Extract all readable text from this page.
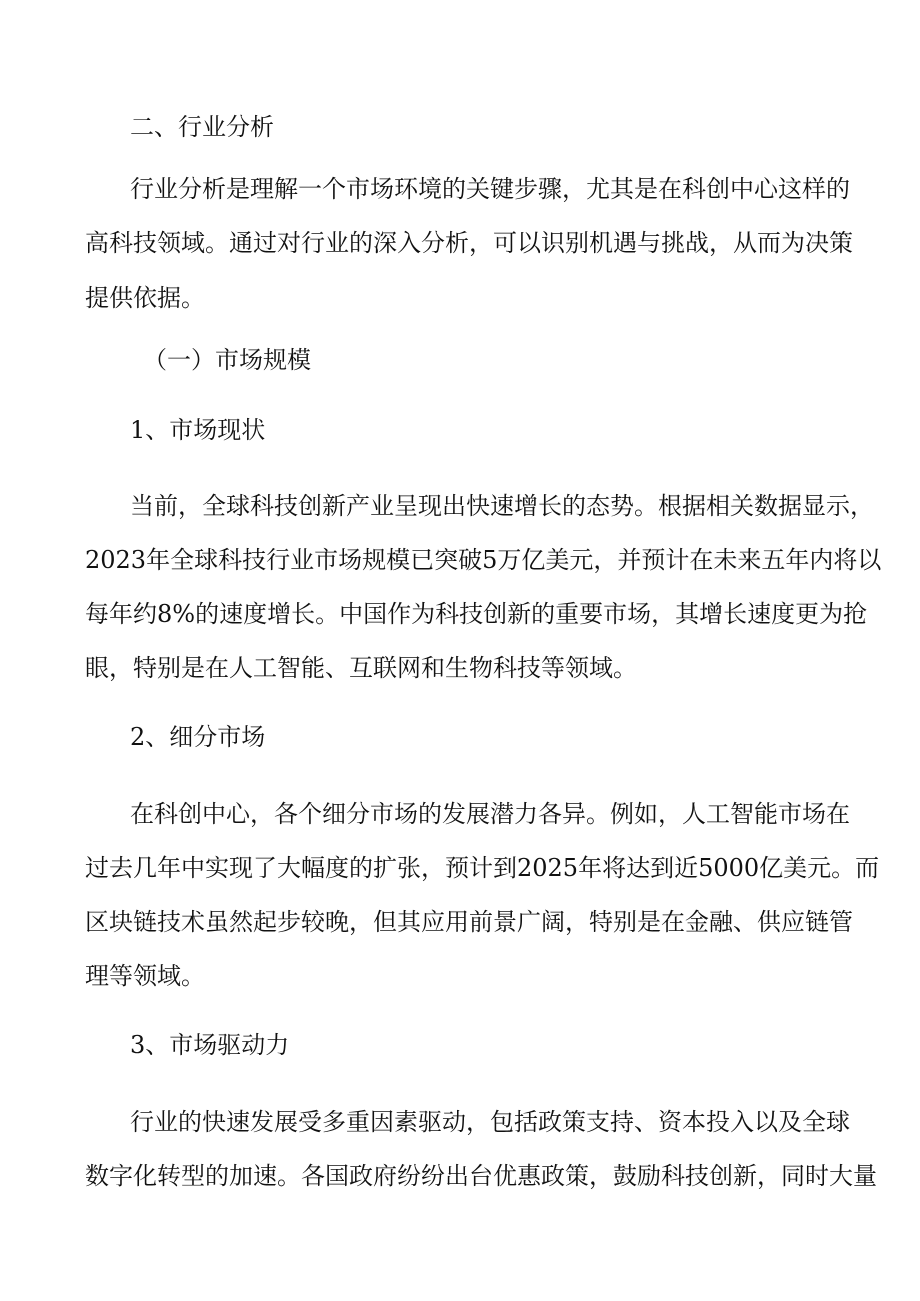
二、行业分析
行 业 分 析 是 理 解 一 个 市 场 环 境 的 关 键 步 骤 ， 尤 其 是 在 科 创 中 心 这 样 的
高 科 技 领 域 。 通 过 对 行 业 的 深 入 分 析 ， 可 以 识 别 机 遇 与 挑 战 ， 从 而 为 决 策
提供依据。
（一）市场规模
1、市场现状
当 前 ， 全 球 科 技 创 新 产 业 呈 现 出 快 速 增 长 的 态 势 。 根 据 相 关 数 据 显 示 ，
2023 年 全 球 科 技 行 业 市 场 规 模 已 突 破 5 万 亿 美 元 ， 并 预 计 在 未 来 五 年 内 将 以
每 年 约 8% 的 速 度 增 长 。 中 国 作 为 科 技 创 新 的 重 要 市 场 ， 其 增 长 速 度 更 为 抢
眼，特别是在人工智能、互联网和生物科技等领域。
2、细分市场
在 科 创 中 心 ， 各 个 细 分 市 场 的 发 展 潜 力 各 异 。 例 如 ， 人 工 智 能 市 场 在
过 去 几 年 中 实 现 了 大 幅 度 的 扩 张 ， 预 计 到 2025 年 将 达 到 近 5000 亿 美 元 。 而
区 块 链 技 术 虽 然 起 步 较 晚 ， 但 其 应 用 前 景 广 阔 ， 特 别 是 在 金 融 、 供 应 链 管
理等领域。
3、市场驱动力
行 业 的 快 速 发 展 受 多 重 因 素 驱 动 ， 包 括 政 策 支 持 、 资 本 投 入 以 及 全 球
数 字 化 转 型 的 加 速 。 各 国 政 府 纷 纷 出 台 优 惠 政 策 ， 鼓 励 科 技 创 新 ， 同 时 大 量
